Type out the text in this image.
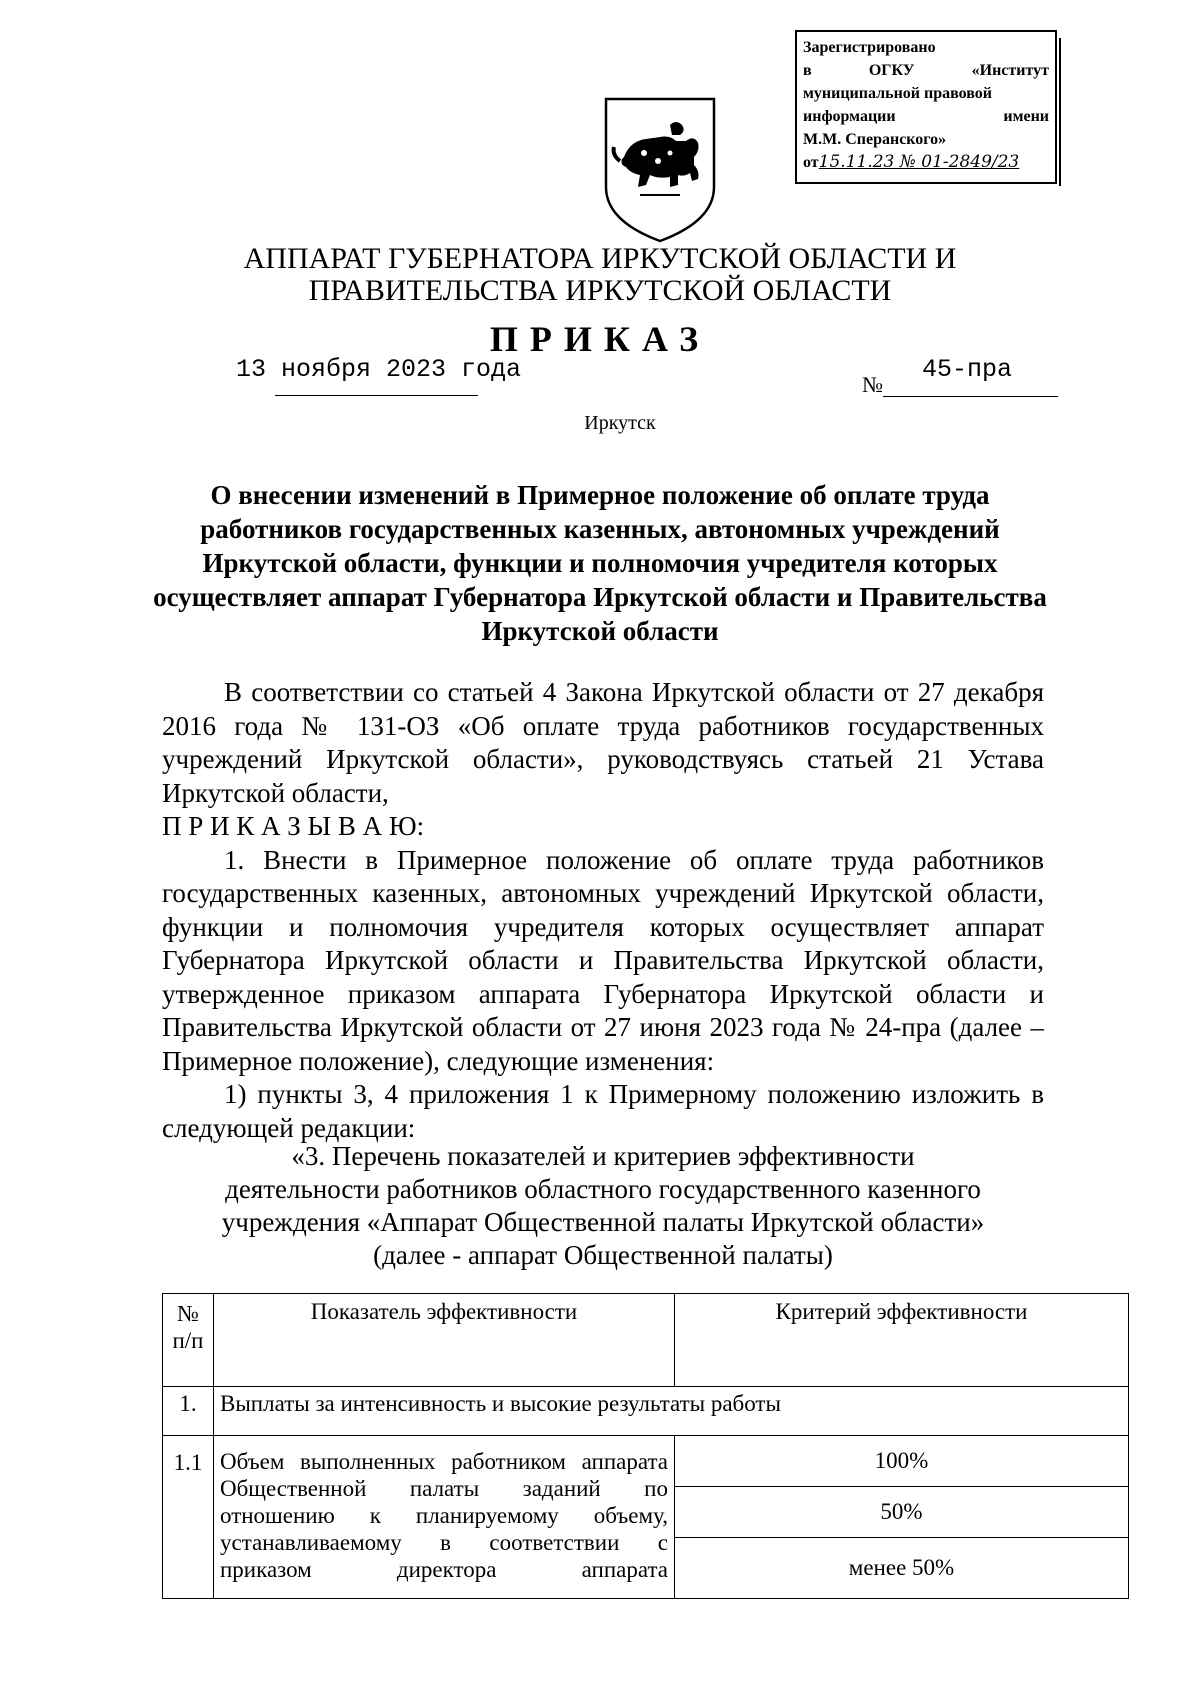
Зарегистрировано
в	ОГКУ	«Институт
муниципальной правовой
информации	имени
М.М. Сперанского»
от15.11.23 № 01-2849/23
АППАРАТ ГУБЕРНАТОРА ИРКУТСКОЙ ОБЛАСТИ И
ПРАВИТЕЛЬСТВА ИРКУТСКОЙ ОБЛАСТИ
ПРИКАЗ
13 ноября 2023 года
№
45-пра
Иркутск
О внесении изменений в Примерное положение об оплате труда
работников государственных казенных, автономных учреждений
Иркутской области, функции и полномочия учредителя которых
осуществляет аппарат Губернатора Иркутской области и Правительства
Иркутской области

В соответствии со статьей 4 Закона Иркутской области от 27 декабря 2016 года № 131-ОЗ «Об оплате труда работников государственных учреждений Иркутской области», руководствуясь статьей 21 Устава Иркутской области,

П Р И К А З Ы В А Ю:

1. Внести в Примерное положение об оплате труда работников государственных казенных, автономных учреждений Иркутской области, функции и полномочия учредителя которых осуществляет аппарат Губернатора Иркутской области и Правительства Иркутской области, утвержденное приказом аппарата Губернатора Иркутской области и Правительства Иркутской области от 27 июня 2023 года № 24-пра (далее – Примерное положение), следующие изменения:

1) пункты 3, 4 приложения 1 к Примерному положению изложить в следующей редакции:

«3. Перечень показателей и критериев эффективности
деятельности работников областного государственного казенного
учреждения «Аппарат Общественной палаты Иркутской области»
(далее - аппарат Общественной палаты)
№
п/п	Показатель эффективности	Критерий эффективности
1.	Выплаты за интенсивность и высокие результаты работы	
1.1	Объем выполненных работником аппарата
Общественной палаты заданий по
отношению к планируемому объему,
устанавливаемому в соответствии с
приказом директора аппарата	100%
		50%
		менее 50%
